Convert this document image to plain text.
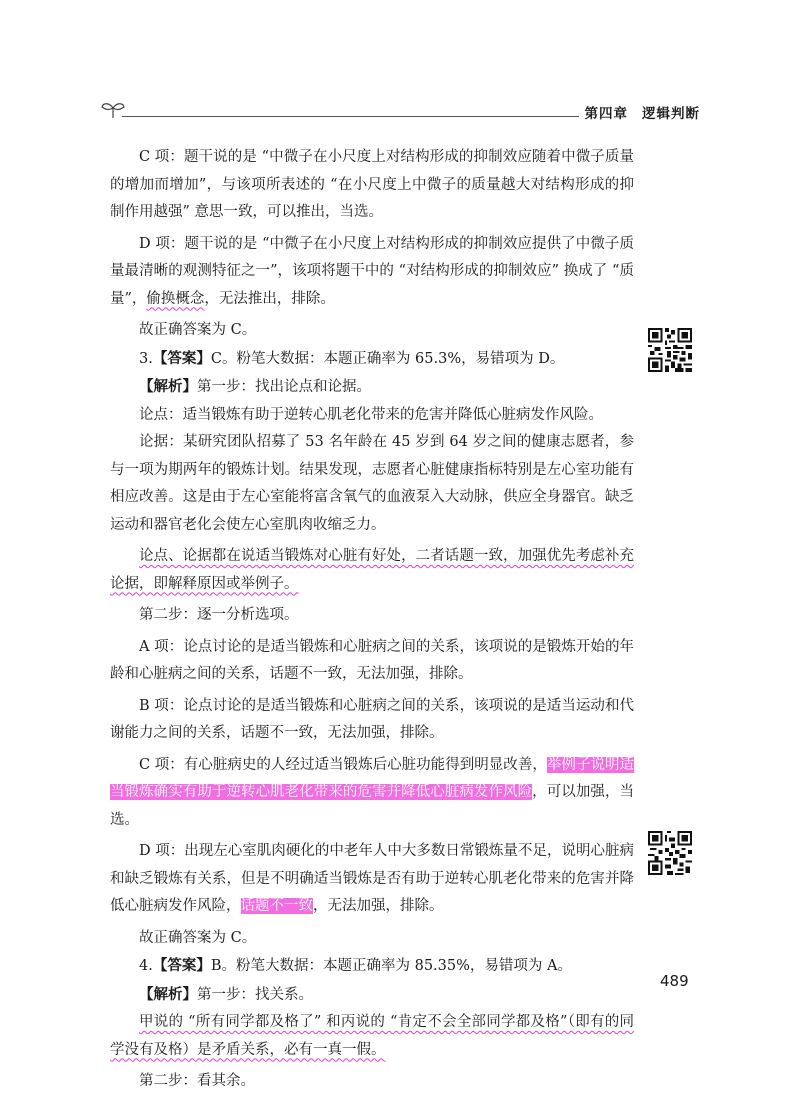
第四章 逻辑判断

C 项：题干说的是 “中微子在小尺度上对结构形成的抑制效应随着中微子质量的增加而增加”，与该项所表述的 “在小尺度上中微子的质量越大对结构形成的抑制作用越强” 意思一致，可以推出，当选。

D 项：题干说的是 “中微子在小尺度上对结构形成的抑制效应提供了中微子质量最清晰的观测特征之一”，该项将题干中的 “对结构形成的抑制效应” 换成了 “质量”，偷换概念，无法推出，排除。

故正确答案为 C。

3.【答案】C。粉笔大数据：本题正确率为 65.3%，易错项为 D。

【解析】第一步：找出论点和论据。

论点：适当锻炼有助于逆转心肌老化带来的危害并降低心脏病发作风险。

论据：某研究团队招募了 53 名年龄在 45 岁到 64 岁之间的健康志愿者，参与一项为期两年的锻炼计划。结果发现，志愿者心脏健康指标特别是左心室功能有相应改善。这是由于左心室能将富含氧气的血液泵入大动脉，供应全身器官。缺乏运动和器官老化会使左心室肌肉收缩乏力。

论点、论据都在说适当锻炼对心脏有好处，二者话题一致，加强优先考虑补充论据，即解释原因或举例子。

第二步：逐一分析选项。

A 项：论点讨论的是适当锻炼和心脏病之间的关系，该项说的是锻炼开始的年龄和心脏病之间的关系，话题不一致，无法加强，排除。

B 项：论点讨论的是适当锻炼和心脏病之间的关系，该项说的是适当运动和代谢能力之间的关系，话题不一致，无法加强，排除。

C 项：有心脏病史的人经过适当锻炼后心脏功能得到明显改善，举例子说明适当锻炼确实有助于逆转心肌老化带来的危害并降低心脏病发作风险，可以加强，当选。

D 项：出现左心室肌肉硬化的中老年人中大多数日常锻炼量不足，说明心脏病和缺乏锻炼有关系，但是不明确适当锻炼是否有助于逆转心肌老化带来的危害并降低心脏病发作风险，话题不一致，无法加强，排除。

故正确答案为 C。

4.【答案】B。粉笔大数据：本题正确率为 85.35%，易错项为 A。

【解析】第一步：找关系。

甲说的 “所有同学都及格了” 和丙说的 “肯定不会全部同学都及格”（即有的同学没有及格）是矛盾关系，必有一真一假。

第二步：看其余。

489
